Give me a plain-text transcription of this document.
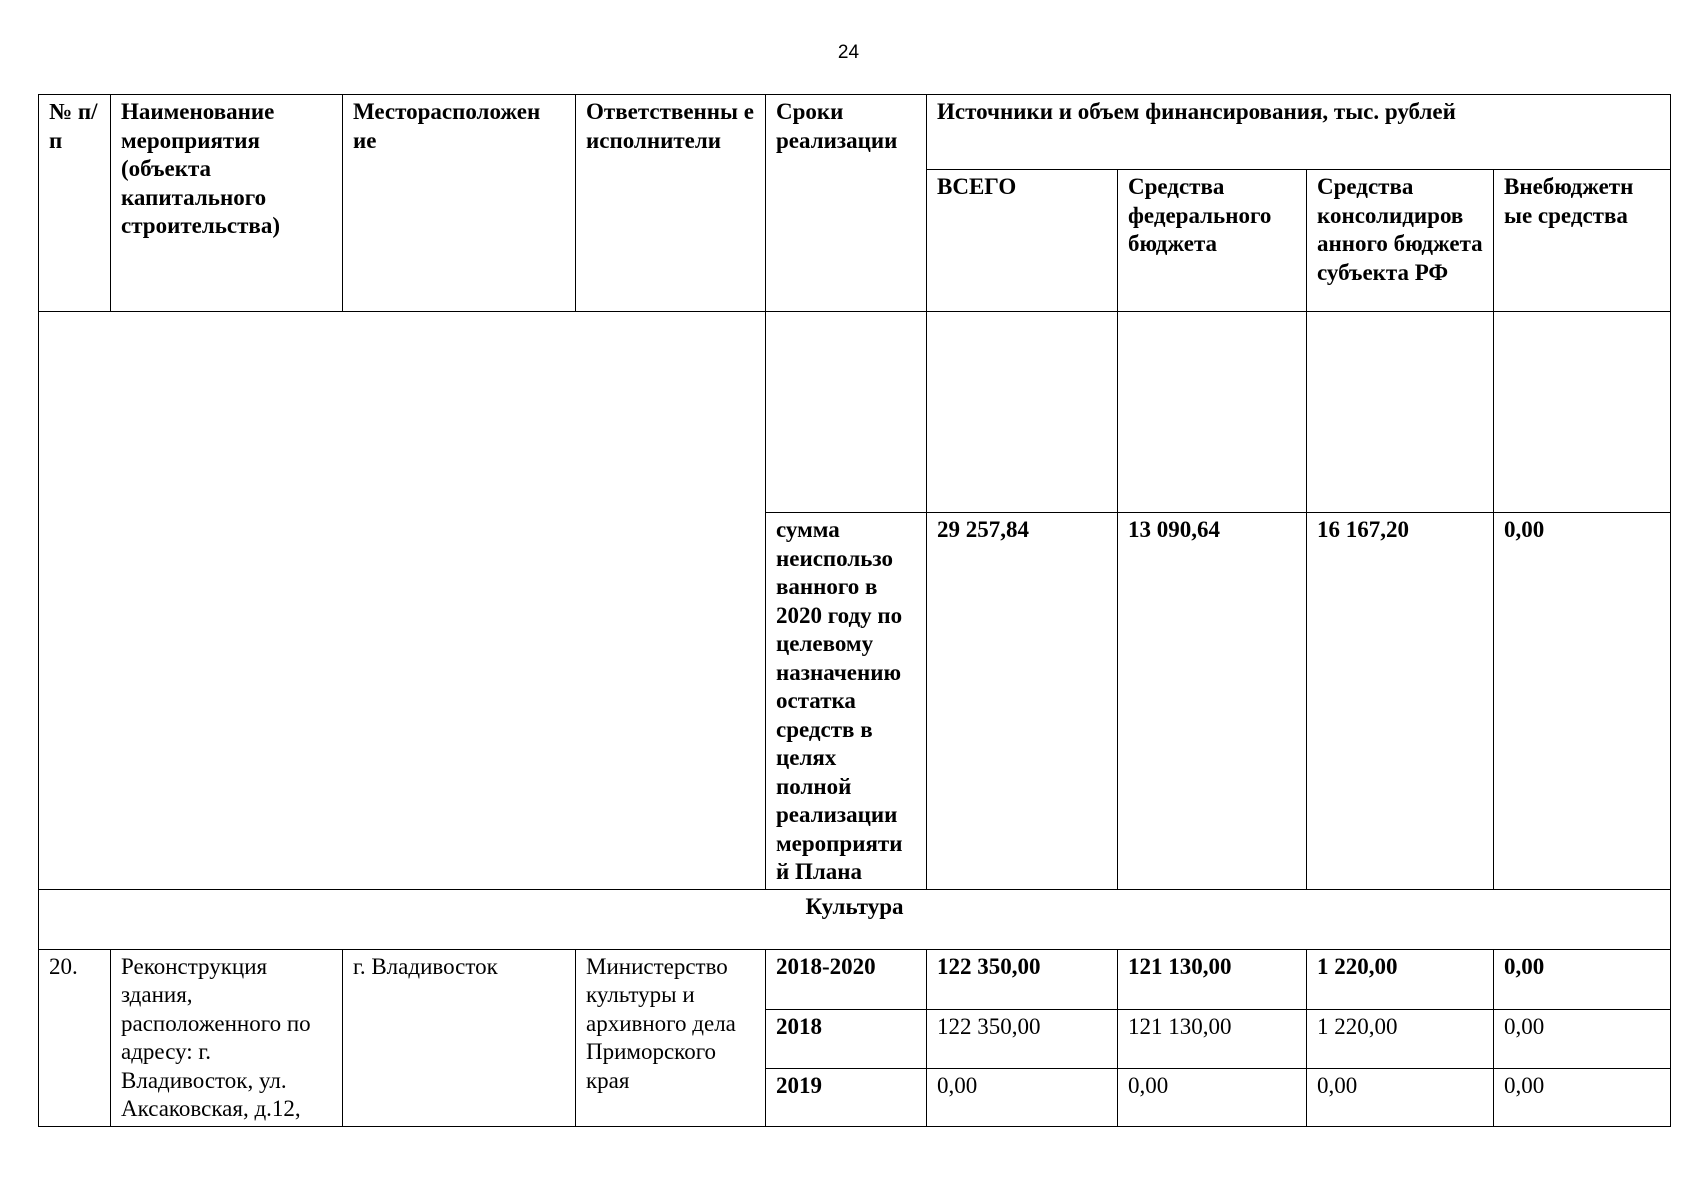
24
№ п/п	Наименование мероприятия (объекта капитального строительства)	Месторасположен ие	Ответственны е исполнители	Сроки реализации	Источники и объем финансирования, тыс. рублей			
					ВСЕГО	Средства федерального бюджета	Средства консолидиров анного бюджета субъекта РФ	Внебюджетн ые средства

				сумма неиспользо ванного в 2020 году по целевому назначению остатка средств в целях полной реализации мероприяти й Плана	29 257,84	13 090,64	16 167,20	0,00
Культура								
20.	Реконструкция здания, расположенного по адресу: г. Владивосток, ул. Аксаковская, д.12,	г. Владивосток	Министерство культуры и архивного дела Приморского края	2018-2020	122 350,00	121 130,00	1 220,00	0,00
				2018	122 350,00	121 130,00	1 220,00	0,00
				2019	0,00	0,00	0,00	0,00
